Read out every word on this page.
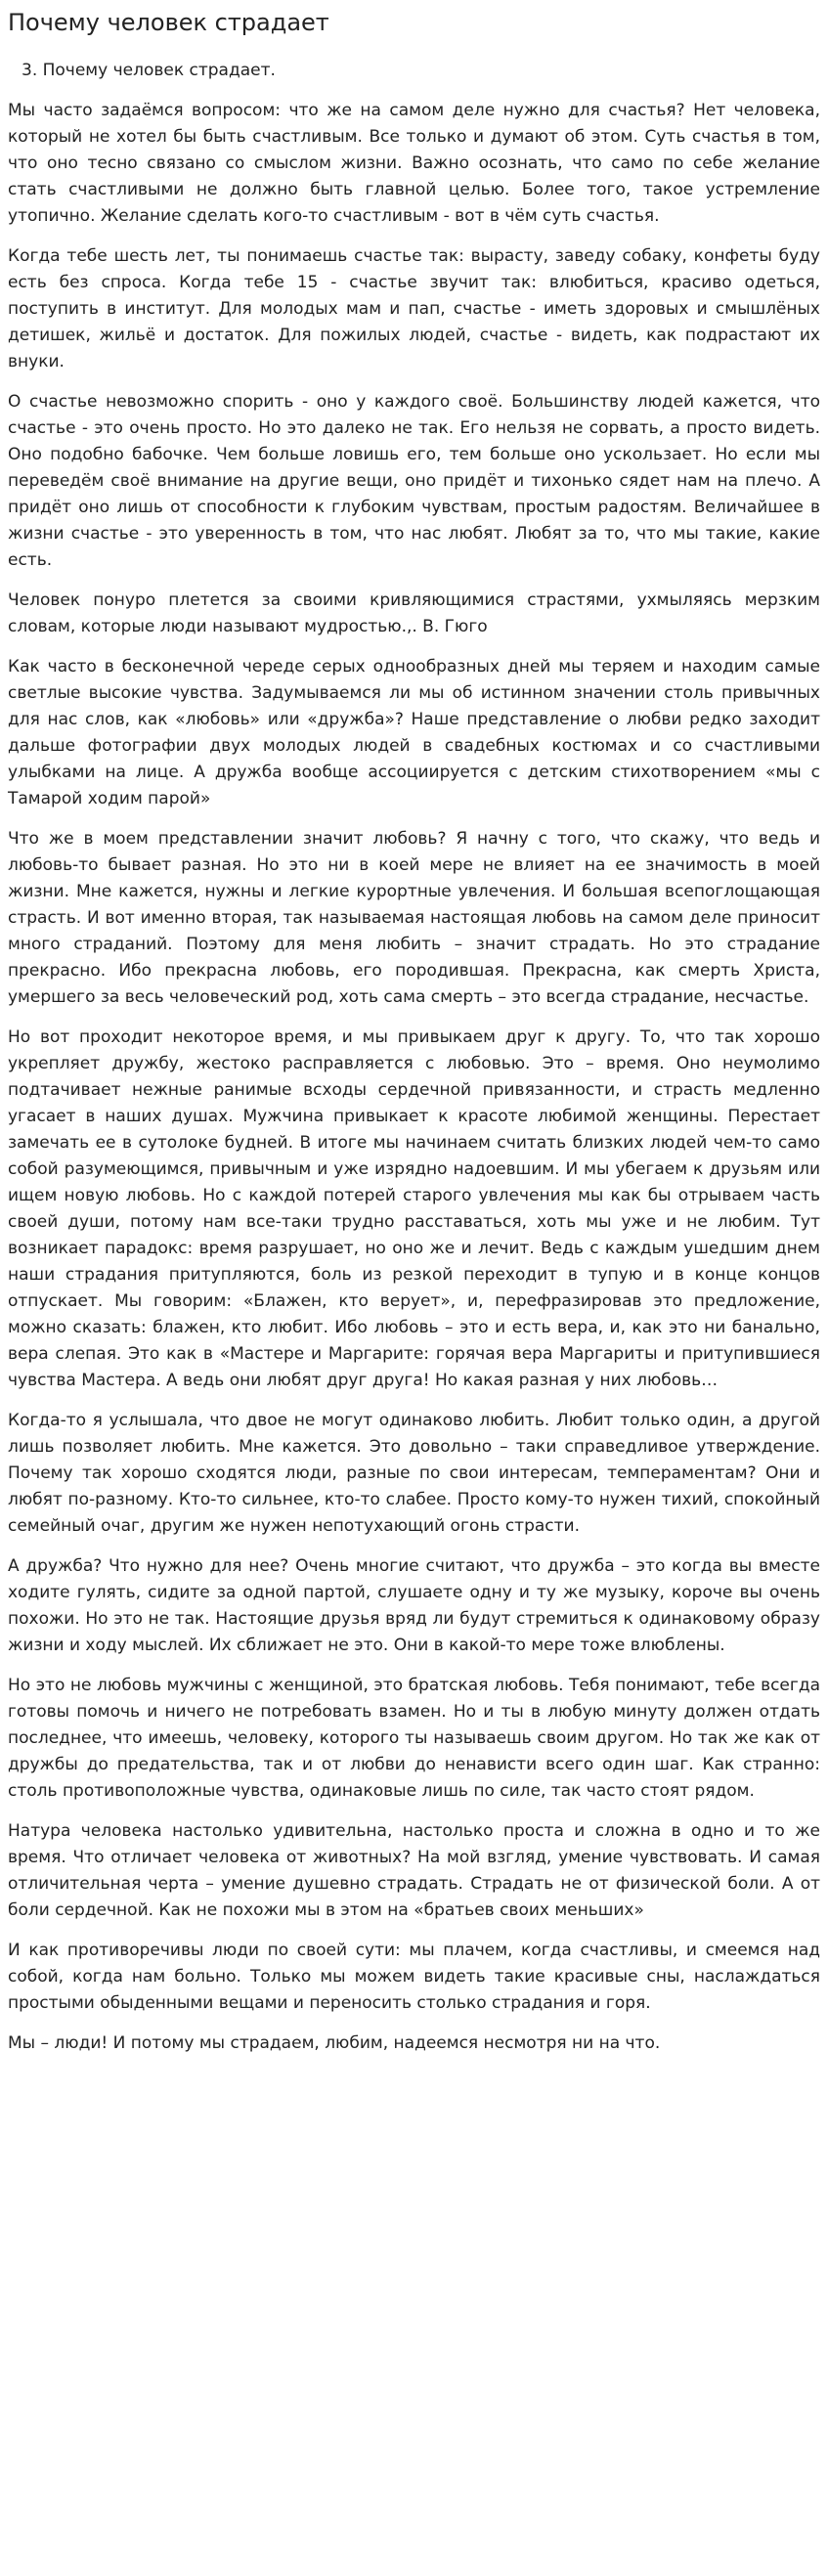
Почему человек страдает
3. Почему человек страдает.

Мы часто задаёмся вопросом: что же на самом деле нужно для счастья? Нет человека, который не хотел бы быть счастливым. Все только и думают об этом. Суть счастья в том, что оно тесно связано со смыслом жизни. Важно осознать, что само по себе желание стать счастливыми не должно быть главной целью. Более того, такое устремление утопично. Желание сделать кого-то счастливым - вот в чём суть счастья.

Когда тебе шесть лет, ты понимаешь счастье так: вырасту, заведу собаку, конфеты буду есть без спроса. Когда тебе 15 - счастье звучит так: влюбиться, красиво одеться, поступить в институт. Для молодых мам и пап, счастье - иметь здоровых и смышлёных детишек, жильё и достаток. Для пожилых людей, счастье - видеть, как подрастают их внуки.

О счастье невозможно спорить - оно у каждого своё. Большинству людей кажется, что счастье - это очень просто. Но это далеко не так. Его нельзя не сорвать, а просто видеть. Оно подобно бабочке. Чем больше ловишь его, тем больше оно ускользает. Но если мы переведём своё внимание на другие вещи, оно придёт и тихонько сядет нам на плечо. А придёт оно лишь от способности к глубоким чувствам, простым радостям. Величайшее в жизни счастье - это уверенность в том, что нас любят. Любят за то, что мы такие, какие есть.

Человек понуро плетется за своими кривляющимися страстями, ухмыляясь мерзким словам, которые люди называют мудростью.,. В. Гюго

Как часто в бесконечной череде серых однообразных дней мы теряем и находим самые светлые высокие чувства. Задумываемся ли мы об истинном значении столь привычных для нас слов, как «любовь» или «дружба»? Наше представление о любви редко заходит дальше фотографии двух молодых людей в свадебных костюмах и со счастливыми улыбками на лице. А дружба вообще ассоциируется с детским стихотворением «мы с Тамарой ходим парой»

Что же в моем представлении значит любовь? Я начну с того, что скажу, что ведь и любовь-то бывает разная. Но это ни в коей мере не влияет на ее значимость в моей жизни. Мне кажется, нужны и легкие курортные увлечения. И большая всепоглощающая страсть. И вот именно вторая, так называемая настоящая любовь на самом деле приносит много страданий. Поэтому для меня любить – значит страдать. Но это страдание прекрасно. Ибо прекрасна любовь, его породившая. Прекрасна, как смерть Христа, умершего за весь человеческий род, хоть сама смерть – это всегда страдание, несчастье.

Но вот проходит некоторое время, и мы привыкаем друг к другу. То, что так хорошо укрепляет дружбу, жестоко расправляется с любовью. Это – время. Оно неумолимо подтачивает нежные ранимые всходы сердечной привязанности, и страсть медленно угасает в наших душах. Мужчина привыкает к красоте любимой женщины. Перестает замечать ее в сутолоке будней. В итоге мы начинаем считать близких людей чем-то само собой разумеющимся, привычным и уже изрядно надоевшим. И мы убегаем к друзьям или ищем новую любовь. Но с каждой потерей старого увлечения мы как бы отрываем часть своей души, потому нам все-таки трудно расставаться, хоть мы уже и не любим. Тут возникает парадокс: время разрушает, но оно же и лечит. Ведь с каждым ушедшим днем наши страдания притупляются, боль из резкой переходит в тупую и в конце концов отпускает. Мы говорим: «Блажен, кто верует», и, перефразировав это предложение, можно сказать: блажен, кто любит. Ибо любовь – это и есть вера, и, как это ни банально, вера слепая. Это как в «Мастере и Маргарите: горячая вера Маргариты и притупившиеся чувства Мастера. А ведь они любят друг друга! Но какая разная у них любовь…

Когда-то я услышала, что двое не могут одинаково любить. Любит только один, а другой лишь позволяет любить. Мне кажется. Это довольно – таки справедливое утверждение. Почему так хорошо сходятся люди, разные по свои интересам, темпераментам? Они и любят по-разному. Кто-то сильнее, кто-то слабее. Просто кому-то нужен тихий, спокойный семейный очаг, другим же нужен непотухающий огонь страсти.

А дружба? Что нужно для нее? Очень многие считают, что дружба – это когда вы вместе ходите гулять, сидите за одной партой, слушаете одну и ту же музыку, короче вы очень похожи. Но это не так. Настоящие друзья вряд ли будут стремиться к одинаковому образу жизни и ходу мыслей. Их сближает не это. Они в какой-то мере тоже влюблены.

Но это не любовь мужчины с женщиной, это братская любовь. Тебя понимают, тебе всегда готовы помочь и ничего не потребовать взамен. Но и ты в любую минуту должен отдать последнее, что имеешь, человеку, которого ты называешь своим другом. Но так же как от дружбы до предательства, так и от любви до ненависти всего один шаг. Как странно: столь противоположные чувства, одинаковые лишь по силе, так часто стоят рядом.

Натура человека настолько удивительна, настолько проста и сложна в одно и то же время. Что отличает человека от животных? На мой взгляд, умение чувствовать. И самая отличительная черта – умение душевно страдать. Страдать не от физической боли. А от боли сердечной. Как не похожи мы в этом на «братьев своих меньших»

И как противоречивы люди по своей сути: мы плачем, когда счастливы, и смеемся над собой, когда нам больно. Только мы можем видеть такие красивые сны, наслаждаться простыми обыденными вещами и переносить столько страдания и горя.

Мы – люди! И потому мы страдаем, любим, надеемся несмотря ни на что.
